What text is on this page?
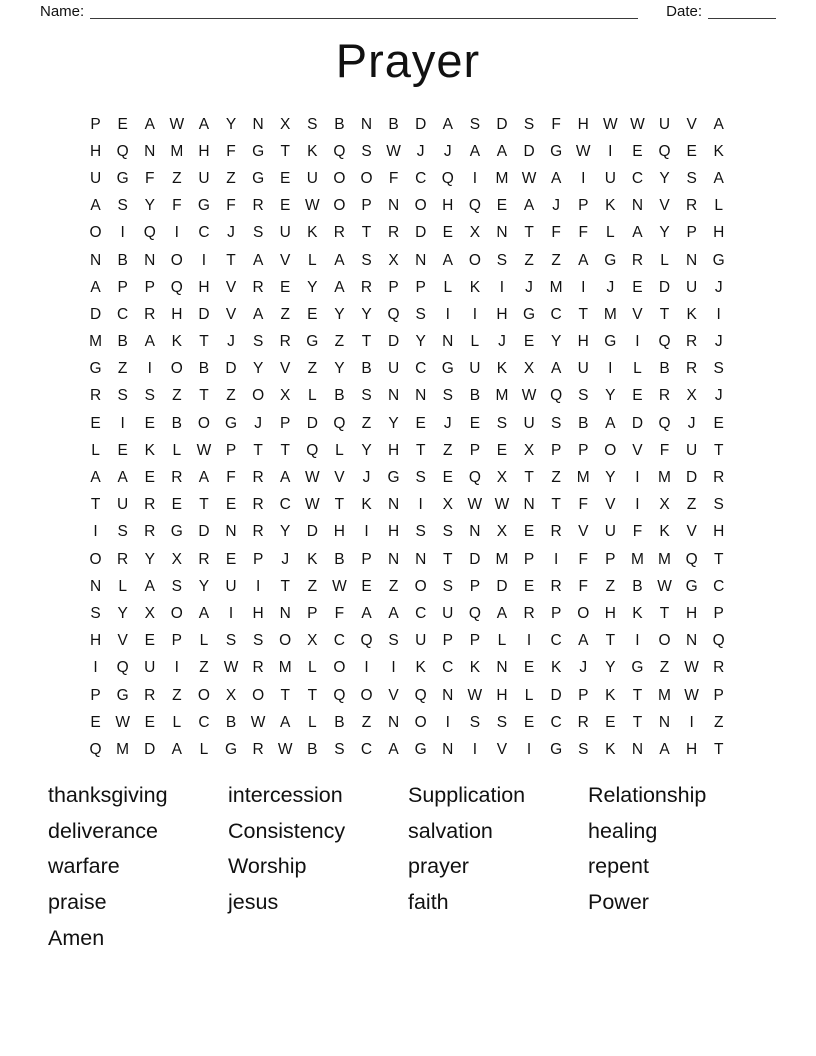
Name:	Date:
Prayer
P	E	A W A	Y	N	X	S	B	N	B	D	A	S	D	S	F	H W W U	V	A
H Q N M H	F	G	T	K	Q	S W	J	J	A	A	D G W	I	E	Q	E	K
U G	F	Z	U	Z	G	E	U O O	F	C Q	I	M W A	I	U	C	Y	S	A
A	S	Y	F	G	F	R	E W O	P	N O H Q	E	A	J	P	K	N	V	R	L
O	I	Q	I	C	J	S	U	K	R	T	R	D	E	X	N	T	F	F	L	A	Y	P	H
N	B	N O	I	T	A	V	L	A	S	X	N	A	O	S	Z	Z	A	G R	L	N G
A	P	P	Q H	V	R	E	Y	A	R	P	P	L	K	I	J	M	I	J	E	D	U	J
D	C	R	H	D	V	A	Z	E	Y	Y	Q	S	I	I	H G C	T	M V	T	K	I
M B	A	K	T	J	S	R G	Z	T	D	Y	N	L	J	E	Y	H G	I	Q R	J
G	Z	I	O	B	D	Y	V	Z	Y	B	U	C G U	K	X	A	U	I	L	B	R	S
R	S	S	Z	T	Z	O	X	L	B	S	N	N	S	B M W Q	S	Y	E	R	X	J
E	I	E	B	O G	J	P	D Q	Z	Y	E	J	E	S	U	S	B	A	D Q	J	E
L	E	K	L W P	T	T	Q	L	Y	H	T	Z	P	E	X	P	P	O	V	F	U	T
A	A	E	R	A	F	R	A W V	J	G	S	E	Q	X	T	Z	M Y	I	M D	R
T	U	R	E	T	E	R	C W T	K	N	I	X W W N	T	F	V	I	X	Z	S
I	S	R G D	N	R	Y	D	H	I	H	S	S	N	X	E	R	V	U	F	K	V	H
O R	Y	X	R	E	P	J	K	B	P	N	N	T	D M P	I	F	P M M Q	T
N	L	A	S	Y	U	I	T	Z W E	Z	O	S	P	D	E	R	F	Z	B W G C
S	Y	X	O	A	I	H	N	P	F	A	A	C	U Q	A	R	P	O H	K	T	H	P
H	V	E	P	L	S	S	O	X	C Q	S	U	P	P	L	I	C	A	T	I	O N Q
I	Q U	I	Z W R M	L	O	I	I	K	C	K	N	E	K	J	Y	G	Z W R
P	G R	Z	O	X	O	T	T	Q O	V	Q N W H	L	D	P	K	T	M W P
E W E	L	C	B W A	L	B	Z	N O	I	S	S	E	C	R	E	T	N	I	Z
Q M D	A	L	G R W B	S	C	A	G N	I	V	I	G	S	K	N	A	H	T
thanksgiving
deliverance
warfare
praise
Amen
intercession
Consistency
Worship
jesus
Supplication
salvation
prayer
faith
Relationship
healing
repent
Power
